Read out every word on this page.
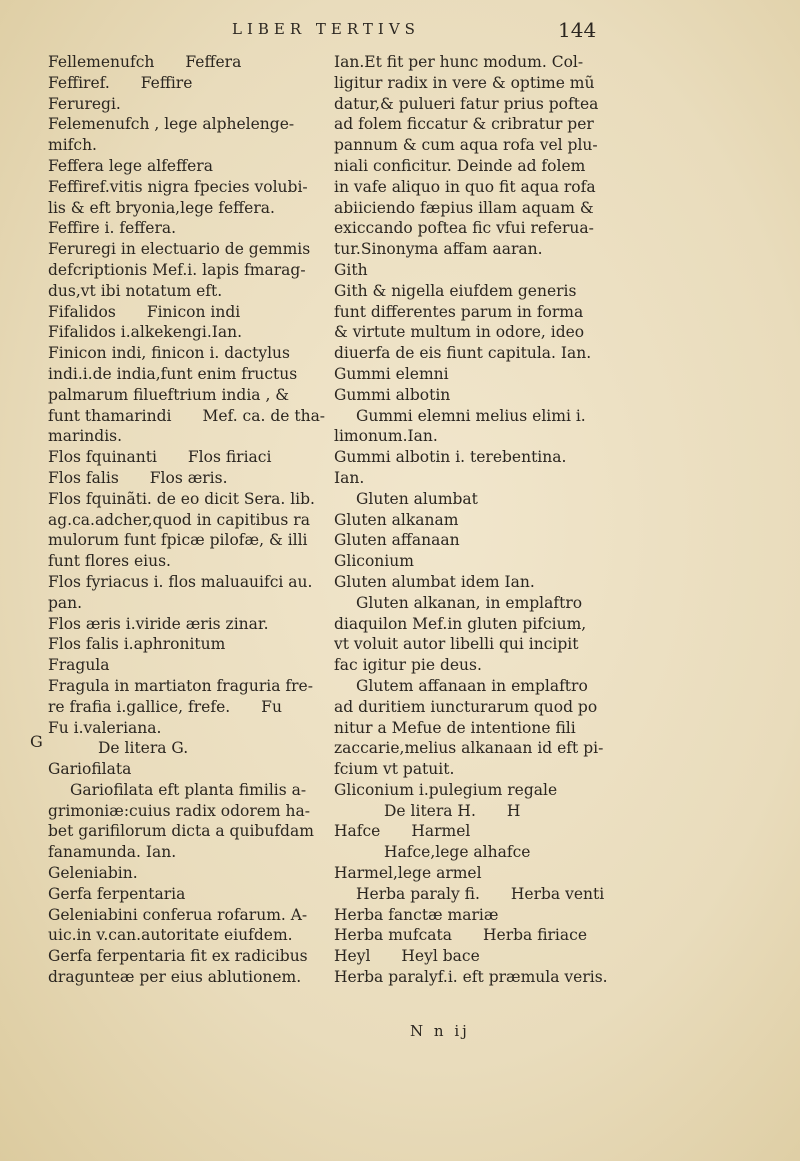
LIBER TERTIVS	144
G
Fellemenufch  Feffera
Feffiref.  Feffire
Feruregi.
Felemenufch , lege alphelenge-
mifch.
Feffera lege alfeffera
Feffiref.vitis nigra fpecies volubi-
lis & eft bryonia,lege feffera.
Feffire i. feffera.
Feruregi in electuario de gemmis
defcriptionis Mef.i. lapis fmarag-
dus,vt ibi notatum eft.
Fifalidos  Finicon indi
Fifalidos i.alkekengi.Ian.
Finicon indi, finicon i. dactylus
indi.i.de india,funt enim fructus
palmarum filueftrium india , &
funt thamarindi  Mef. ca. de tha-
marindis.
Flos fquinanti  Flos firiaci
Flos falis  Flos æris.
Flos fquinãti. de eo dicit Sera. lib.
ag.ca.adcher,quod in capitibus ra
mulorum funt fpicæ pilofæ, & illi
funt flores eius.
Flos fyriacus i. flos maluauifci au.
pan.
Flos æris i.viride æris zinar.
Flos falis i.aphronitum
Fragula
Fragula in martiaton fraguria fre-
re frafia i.gallice, frefe.  Fu
Fu i.valeriana.
De litera G.
Gariofilata
Gariofilata eft planta fimilis a-
grimoniæ:cuius radix odorem ha-
bet garifilorum dicta a quibufdam
fanamunda. Ian.
Geleniabin.
Gerfa ferpentaria
Geleniabini conferua rofarum. A-
uic.in v.can.autoritate eiufdem.
Gerfa ferpentaria fit ex radicibus
dragunteæ per eius ablutionem.
Ian.Et fit per hunc modum. Col-
ligitur radix in vere & optime mũ
datur,& pulueri fatur prius poftea
ad folem ficcatur & cribratur per
pannum & cum aqua rofa vel plu-
niali conficitur. Deinde ad folem
in vafe aliquo in quo fit aqua rofa
abiiciendo fæpius illam aquam &
exiccando poftea fic vfui referua-
tur.Sinonyma affam aaran.
Gith
Gith & nigella eiufdem generis
funt differentes parum in forma
& virtute multum in odore, ideo
diuerfa de eis fiunt capitula. Ian.
Gummi elemni
Gummi albotin
Gummi elemni melius elimi i.
limonum.Ian.
Gummi albotin i. terebentina.
Ian.
Gluten alumbat
Gluten alkanam
Gluten affanaan
Gliconium
Gluten alumbat idem Ian.
Gluten alkanan, in emplaftro
diaquilon Mef.in gluten pifcium,
vt voluit autor libelli qui incipit
fac igitur pie deus.
Glutem affanaan in emplaftro
ad duritiem iuncturarum quod po
nitur a Mefue de intentione fili
zaccarie,melius alkanaan id eft pi-
fcium vt patuit.
Gliconium i.pulegium regale
De litera H.  H
Hafce  Harmel
Hafce,lege alhafce
Harmel,lege armel
Herba paraly fi.  Herba venti
Herba fanctæ mariæ
Herba mufcata  Herba firiace
Heyl  Heyl bace
Herba paralyf.i. eft præmula veris.
N n ij
